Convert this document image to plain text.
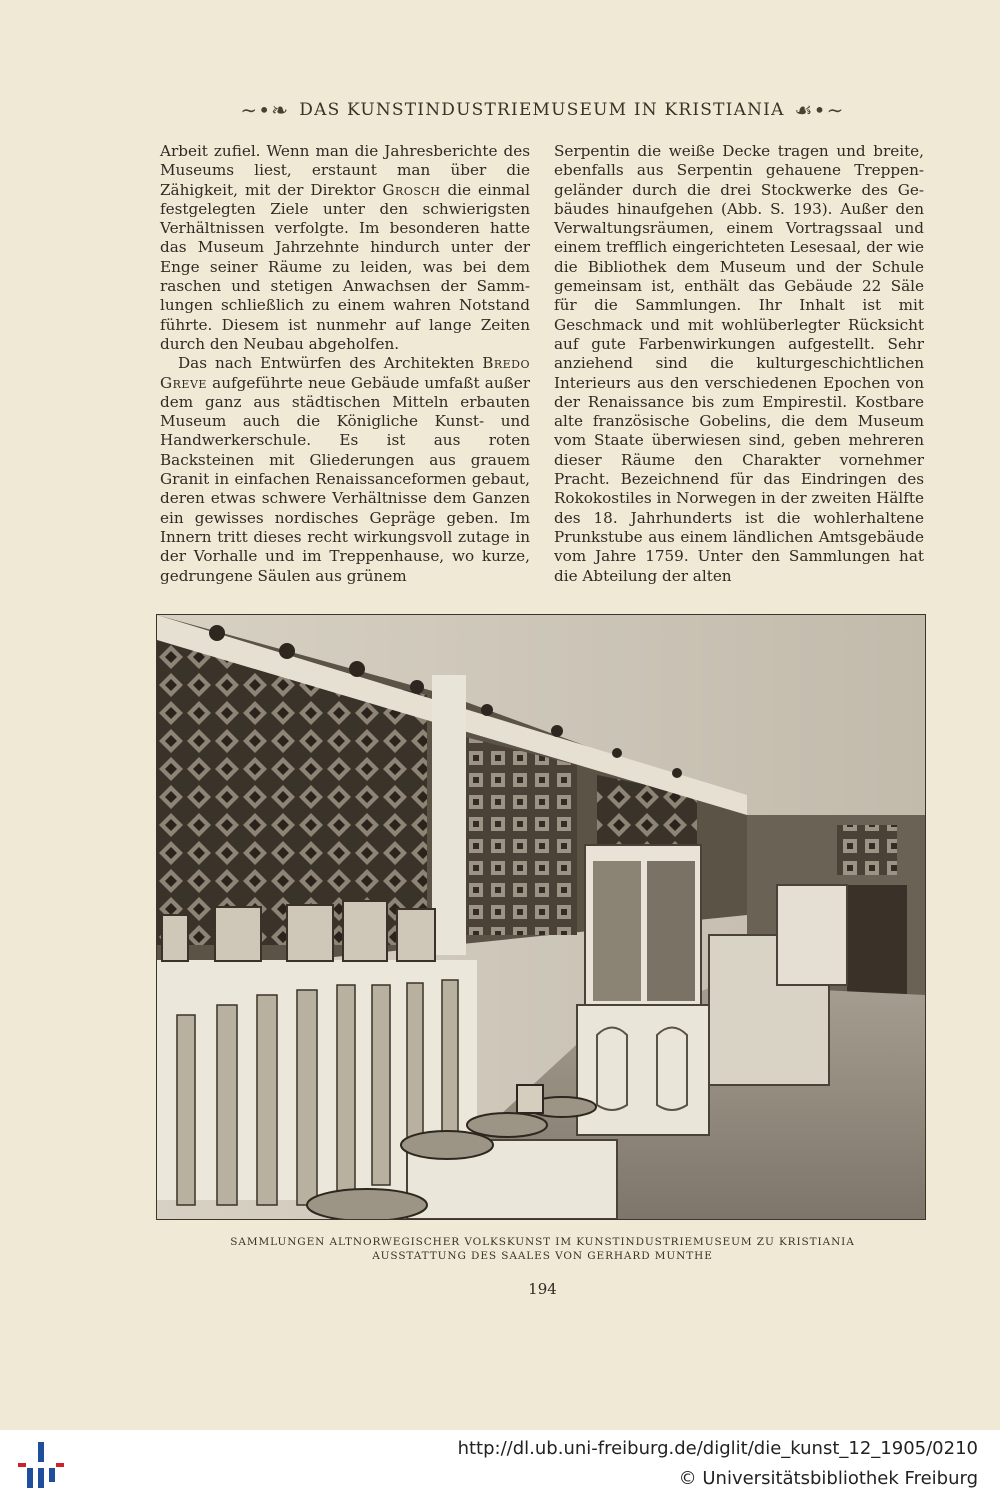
∼•❧ DAS KUNSTINDUSTRIEMUSEUM IN KRISTIANIA ☙•∼

Arbeit zufiel. Wenn man die Jahresberichte des Museums liest, erstaunt man über die Zähigkeit, mit der Direktor Grosch die einmal festgelegten Ziele unter den schwierigsten Verhältnissen verfolgte. Im besonderen hatte das Museum Jahrzehnte hindurch unter der Enge seiner Räume zu leiden, was bei dem raschen und stetigen Anwachsen der Sammlungen schließlich zu einem wahren Notstand führte. Diesem ist nunmehr auf lange Zeiten durch den Neubau abgeholfen.

Das nach Entwürfen des Architekten Bredo Greve aufgeführte neue Gebäude umfaßt außer dem ganz aus städtischen Mitteln erbauten Museum auch die Königliche Kunst- und Handwerkerschule. Es ist aus roten Backsteinen mit Gliederungen aus grauem Granit in einfachen Renaissanceformen gebaut, deren etwas schwere Verhältnisse dem Ganzen ein gewisses nordisches Gepräge geben. Im Innern tritt dieses recht wirkungsvoll zutage in der Vorhalle und im Treppenhause, wo kurze, gedrungene Säulen aus grünem

Serpentin die weiße Decke tragen und breite, ebenfalls aus Serpentin gehauene Treppengeländer durch die drei Stockwerke des Gebäudes hinaufgehen (Abb. S. 193). Außer den Verwaltungsräumen, einem Vortragssaal und einem trefflich eingerichteten Lesesaal, der wie die Bibliothek dem Museum und der Schule gemeinsam ist, enthält das Gebäude 22 Säle für die Sammlungen. Ihr Inhalt ist mit Geschmack und mit wohlüberlegter Rücksicht auf gute Farbenwirkungen aufgestellt. Sehr anziehend sind die kulturgeschichtlichen Interieurs aus den verschiedenen Epochen von der Renaissance bis zum Empirestil. Kostbare alte französische Gobelins, die dem Museum vom Staate überwiesen sind, geben mehreren dieser Räume den Charakter vornehmer Pracht. Bezeichnend für das Eindringen des Rokokostiles in Norwegen in der zweiten Hälfte des 18. Jahrhunderts ist die wohlerhaltene Prunkstube aus einem ländlichen Amtsgebäude vom Jahre 1759. Unter den Sammlungen hat die Abteilung der alten

SAMMLUNGEN ALTNORWEGISCHER VOLKSKUNST IM KUNSTINDUSTRIEMUSEUM ZU KRISTIANIA
AUSSTATTUNG DES SAALES VON GERHARD MUNTHE
194
http://dl.ub.uni-freiburg.de/diglit/die_kunst_12_1905/0210
© Universitätsbibliothek Freiburg
